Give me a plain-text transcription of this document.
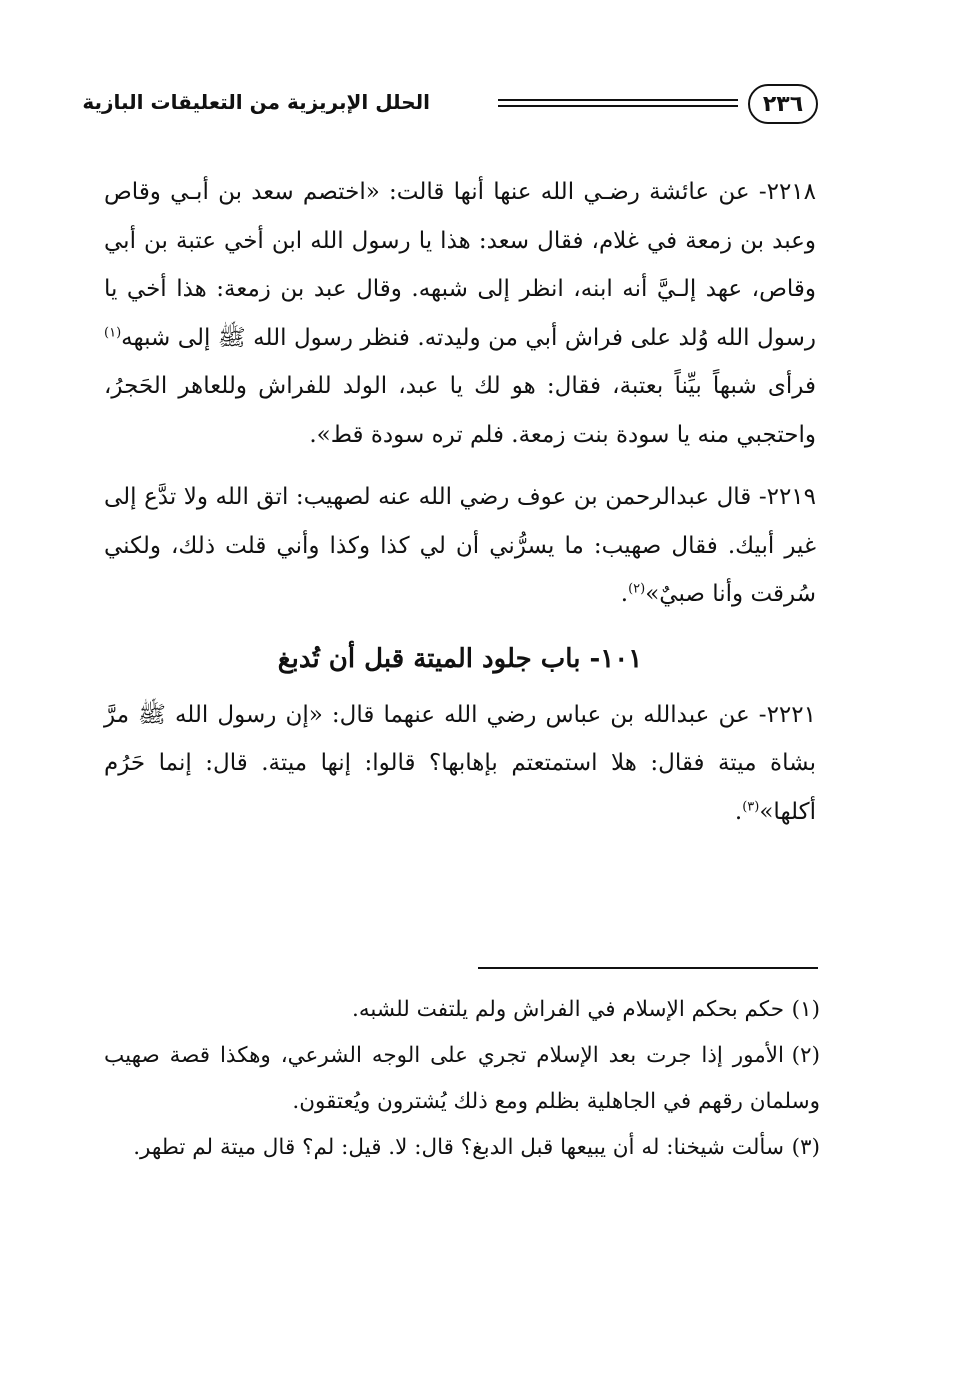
٢٣٦
الحلل الإبريزية من التعليقات البازية

٢٢١٨- عن عائشة رضـي الله عنها أنها قالت: «اختصم سعد بن أبـي وقاص وعبد بن زمعة في غلام، فقال سعد: هذا يا رسول الله ابن أخي عتبة بن أبي وقاص، عهد إلـيَّ أنه ابنه، انظر إلى شبهه. وقال عبد بن زمعة: هذا أخي يا رسول الله وُلد على فراش أبي من وليدته. فنظر رسول الله ﷺ إلى شبهه$^{(١)}$ فرأى شبهاً بيِّناً بعتبة، فقال: هو لك يا عبد، الولد للفراش وللعاهر الحَجرُ، واحتجبي منه يا سودة بنت زمعة. فلم تره سودة قط».

٢٢١٩- قال عبدالرحمن بن عوف رضي الله عنه لصهيب: اتق الله ولا تدَّع إلى غير أبيك. فقال صهيب: ما يسرُّني أن لي كذا وكذا وأني قلت ذلك، ولكني سُرقت وأنا صبيٌ»$^{(٢)}$.

١٠١- باب جلود الميتة قبل أن تُدبغ

٢٢٢١- عن عبدالله بن عباس رضي الله عنهما قال: «إن رسول الله ﷺ مرَّ بشاة ميتة فقال: هلا استمتعتم بإهابها؟ قالوا: إنها ميتة. قال: إنما حَرُم أكلها»$^{(٣)}$.

(١)حكم بحكم الإسلام في الفراش ولم يلتفت للشبه.

(٢)الأمور إذا جرت بعد الإسلام تجري على الوجه الشرعي، وهكذا قصة صهيب وسلمان رقهم في الجاهلية بظلم ومع ذلك يُشترون ويُعتقون.

(٣)سألت شيخنا: له أن يبيعها قبل الدبغ؟ قال: لا. قيل: لم؟ قال ميتة لم تطهر.
